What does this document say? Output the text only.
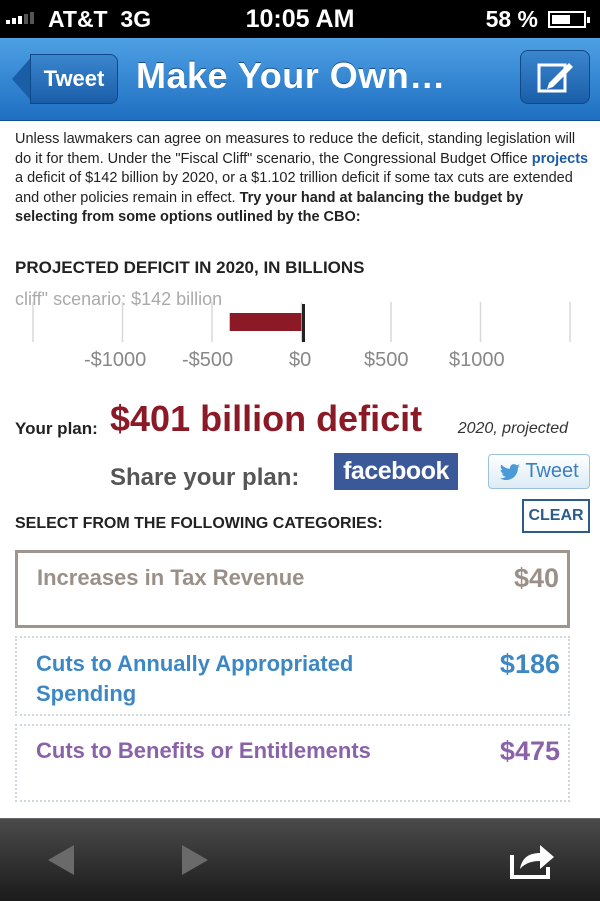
AT&T 3G	10:05 AM	58 %
Tweet Make Your Own…
Unless lawmakers can agree on measures to reduce the deficit, standing legislation will do it for them. Under the "Fiscal Cliff" scenario, the Congressional Budget Office projects a deficit of $142 billion by 2020, or a $1.102 trillion deficit if some tax cuts are extended and other policies remain in effect. Try your hand at balancing the budget by selecting from some options outlined by the CBO:
PROJECTED DEFICIT IN 2020, IN BILLIONS
cliff" scenario: $142 billion
-$1000 -$500	$0	$500 $1000
Your plan: $401 billion deficit 2020, projected
Share your plan:	facebook	Tweet
SELECT FROM THE FOLLOWING CATEGORIES:	CLEAR
Increases in Tax Revenue	$40
Cuts to Annually Appropriated Spending
$186
Cuts to Benefits or Entitlements	$475
